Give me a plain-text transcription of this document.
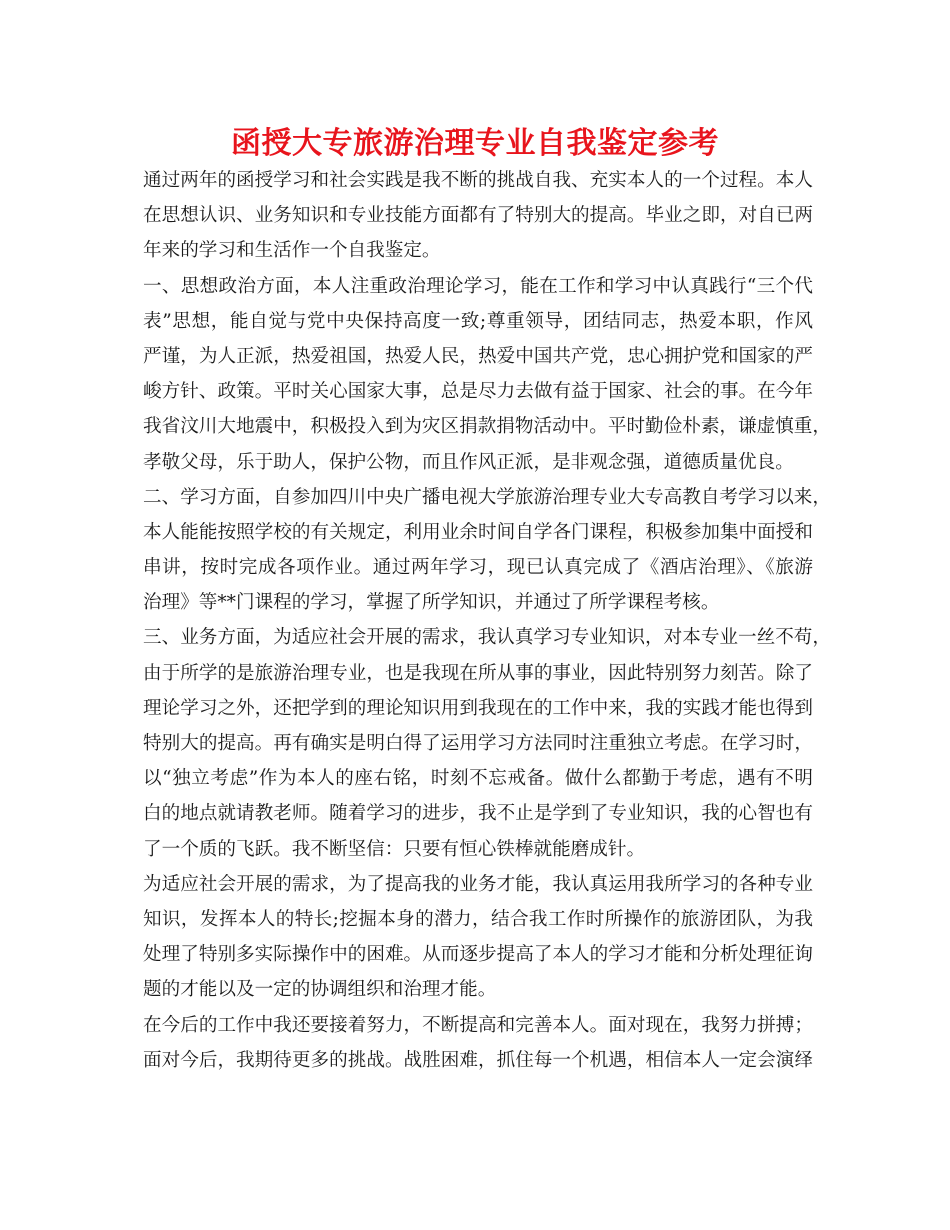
函授大专旅游治理专业自我鉴定参考
通过两年的函授学习和社会实践是我不断的挑战自我、充实本人的一个过程。本人
在思想认识、业务知识和专业技能方面都有了特别大的提高。毕业之即，对自已两
年来的学习和生活作一个自我鉴定。
一、思想政治方面，本人注重政治理论学习，能在工作和学习中认真践行“三个代
表”思想，能自觉与党中央保持高度一致;尊重领导，团结同志，热爱本职，作风
严谨，为人正派，热爱祖国，热爱人民，热爱中国共产党，忠心拥护党和国家的严
峻方针、政策。平时关心国家大事，总是尽力去做有益于国家、社会的事。在今年
我省汶川大地震中，积极投入到为灾区捐款捐物活动中。平时勤俭朴素，谦虚慎重，
孝敬父母，乐于助人，保护公物，而且作风正派，是非观念强，道德质量优良。
二、学习方面，自参加四川中央广播电视大学旅游治理专业大专高教自考学习以来，
本人能能按照学校的有关规定，利用业余时间自学各门课程，积极参加集中面授和
串讲，按时完成各项作业。通过两年学习，现已认真完成了《酒店治理》、《旅游
治理》等**门课程的学习，掌握了所学知识，并通过了所学课程考核。
三、业务方面，为适应社会开展的需求，我认真学习专业知识，对本专业一丝不苟，
由于所学的是旅游治理专业，也是我现在所从事的事业，因此特别努力刻苦。除了
理论学习之外，还把学到的理论知识用到我现在的工作中来，我的实践才能也得到
特别大的提高。再有确实是明白得了运用学习方法同时注重独立考虑。在学习时，
以“独立考虑”作为本人的座右铭，时刻不忘戒备。做什么都勤于考虑，遇有不明
白的地点就请教老师。随着学习的进步，我不止是学到了专业知识，我的心智也有
了一个质的飞跃。我不断坚信：只要有恒心铁棒就能磨成针。
为适应社会开展的需求，为了提高我的业务才能，我认真运用我所学习的各种专业
知识，发挥本人的特长;挖掘本身的潜力，结合我工作时所操作的旅游团队，为我
处理了特别多实际操作中的困难。从而逐步提高了本人的学习才能和分析处理征询
题的才能以及一定的协调组织和治理才能。
在今后的工作中我还要接着努力，不断提高和完善本人。面对现在，我努力拼搏；
面对今后，我期待更多的挑战。战胜困难，抓住每一个机遇，相信本人一定会演绎
